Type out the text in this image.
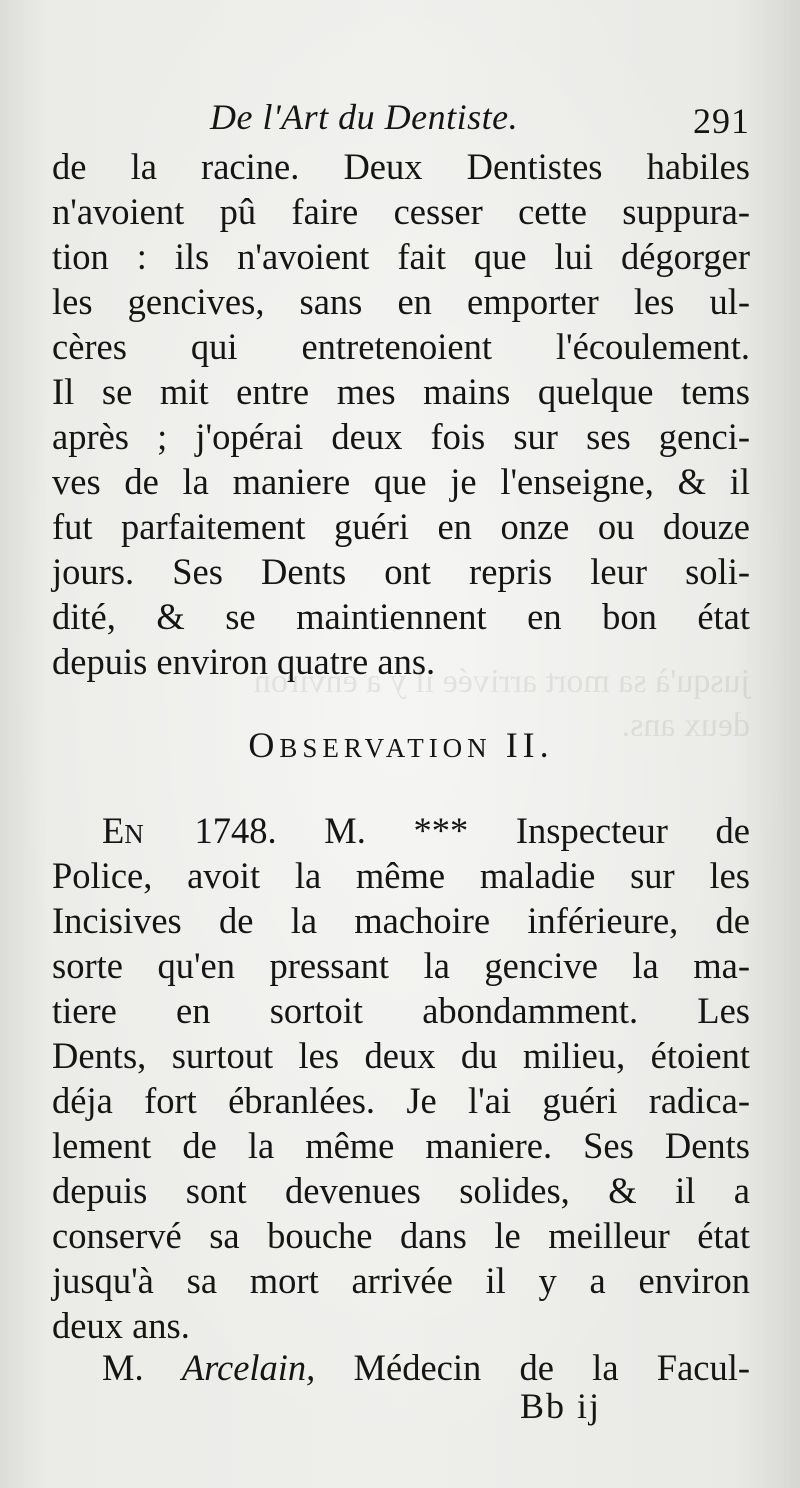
jusqu'à sa mort arrivée il y a environ
deux ans.
De l'Art du Dentiste.	291
de la racine. Deux Dentistes habiles
n'avoient pû faire cesser cette suppura-
tion : ils n'avoient fait que lui dégorger
les gencives, sans en emporter les ul-
cères qui entretenoient l'écoulement.
Il se mit entre mes mains quelque tems
après ; j'opérai deux fois sur ses genci-
ves de la maniere que je l'enseigne, & il
fut parfaitement guéri en onze ou douze
jours. Ses Dents ont repris leur soli-
dité, & se maintiennent en bon état
depuis environ quatre ans.
OBSERVATION II.
EN 1748. M. *** Inspecteur de
Police, avoit la même maladie sur les
Incisives de la machoire inférieure, de
sorte qu'en pressant la gencive la ma-
tiere en sortoit abondamment. Les
Dents, surtout les deux du milieu, étoient
déja fort ébranlées. Je l'ai guéri radica-
lement de la même maniere. Ses Dents
depuis sont devenues solides, & il a
conservé sa bouche dans le meilleur état
jusqu'à sa mort arrivée il y a environ
deux ans.
M. Arcelain, Médecin de la Facul-
Bb ij
